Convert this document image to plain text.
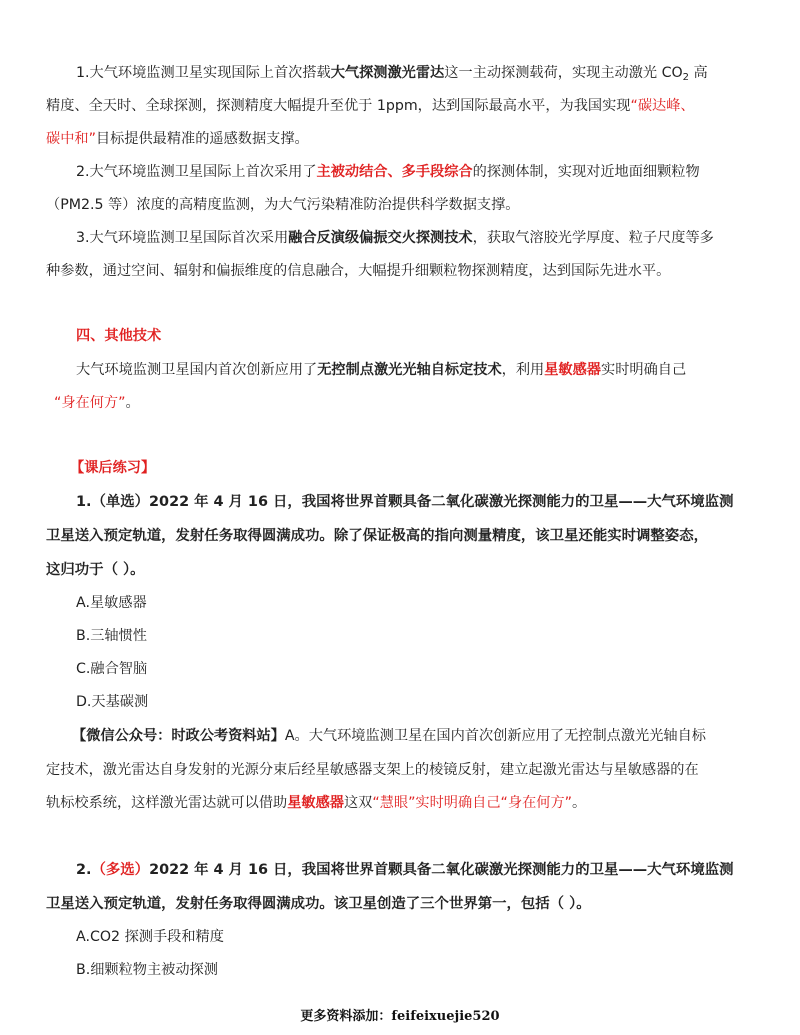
1.大气环境监测卫星实现国际上首次搭载大气探测激光雷达这一主动探测载荷，实现主动激光 $CO_2$ 高
精度、全天时、全球探测，探测精度大幅提升至优于 1ppm，达到国际最高水平，为我国实现“碳达峰、
碳中和”目标提供最精准的遥感数据支撑。
2.大气环境监测卫星国际上首次采用了主被动结合、多手段综合的探测体制，实现对近地面细颗粒物
（PM2.5 等）浓度的高精度监测，为大气污染精准防治提供科学数据支撑。
3.大气环境监测卫星国际首次采用融合反演级偏振交火探测技术，获取气溶胶光学厚度、粒子尺度等多
种参数，通过空间、辐射和偏振维度的信息融合，大幅提升细颗粒物探测精度，达到国际先进水平。
四、其他技术
大气环境监测卫星国内首次创新应用了无控制点激光光轴自标定技术，利用星敏感器实时明确自己
“身在何方”。
【课后练习】
1.（单选）2022 年 4 月 16 日，我国将世界首颗具备二氧化碳激光探测能力的卫星——大气环境监测
卫星送入预定轨道，发射任务取得圆满成功。除了保证极高的指向测量精度，该卫星还能实时调整姿态，
这归功于（ ）。
A.星敏感器
B.三轴惯性
C.融合智脑
D.天基碳测
【微信公众号：时政公考资料站】A。大气环境监测卫星在国内首次创新应用了无控制点激光光轴自标
定技术，激光雷达自身发射的光源分束后经星敏感器支架上的棱镜反射，建立起激光雷达与星敏感器的在
轨标校系统，这样激光雷达就可以借助星敏感器这双“慧眼”实时明确自己“身在何方”。
2.（多选）2022 年 4 月 16 日，我国将世界首颗具备二氧化碳激光探测能力的卫星——大气环境监测
卫星送入预定轨道，发射任务取得圆满成功。该卫星创造了三个世界第一，包括（ ）。
A.CO2 探测手段和精度
B.细颗粒物主被动探测
更多资料添加：feifeixuejie520
